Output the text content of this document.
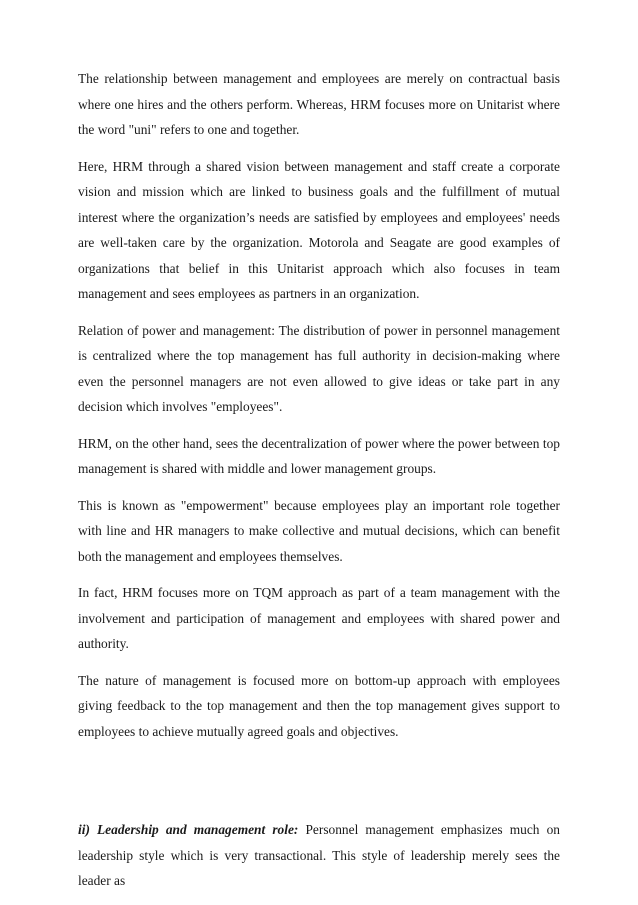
The relationship between management and employees are merely on contractual basis where one hires and the others perform. Whereas, HRM focuses more on Unitarist where the word "uni" refers to one and together.

Here, HRM through a shared vision between management and staff create a corporate vision and mission which are linked to business goals and the fulfillment of mutual interest where the organization’s needs are satisfied by employees and employees' needs are well-taken care by the organization. Motorola and Seagate are good examples of organizations that belief in this Unitarist approach which also focuses in team management and sees employees as partners in an organization.

Relation of power and management: The distribution of power in personnel management is centralized where the top management has full authority in decision-making where even the personnel managers are not even allowed to give ideas or take part in any decision which involves "employees".

HRM, on the other hand, sees the decentralization of power where the power between top management is shared with middle and lower management groups.

This is known as "empowerment" because employees play an important role together with line and HR managers to make collective and mutual decisions, which can benefit both the management and employees themselves.

In fact, HRM focuses more on TQM approach as part of a team management with the involvement and participation of management and employees with shared power and authority.

The nature of management is focused more on bottom-up approach with employees giving feedback to the top management and then the top management gives support to employees to achieve mutually agreed goals and objectives.

ii) Leadership and management role: Personnel management emphasizes much on leadership style which is very transactional. This style of leadership merely sees the leader as
